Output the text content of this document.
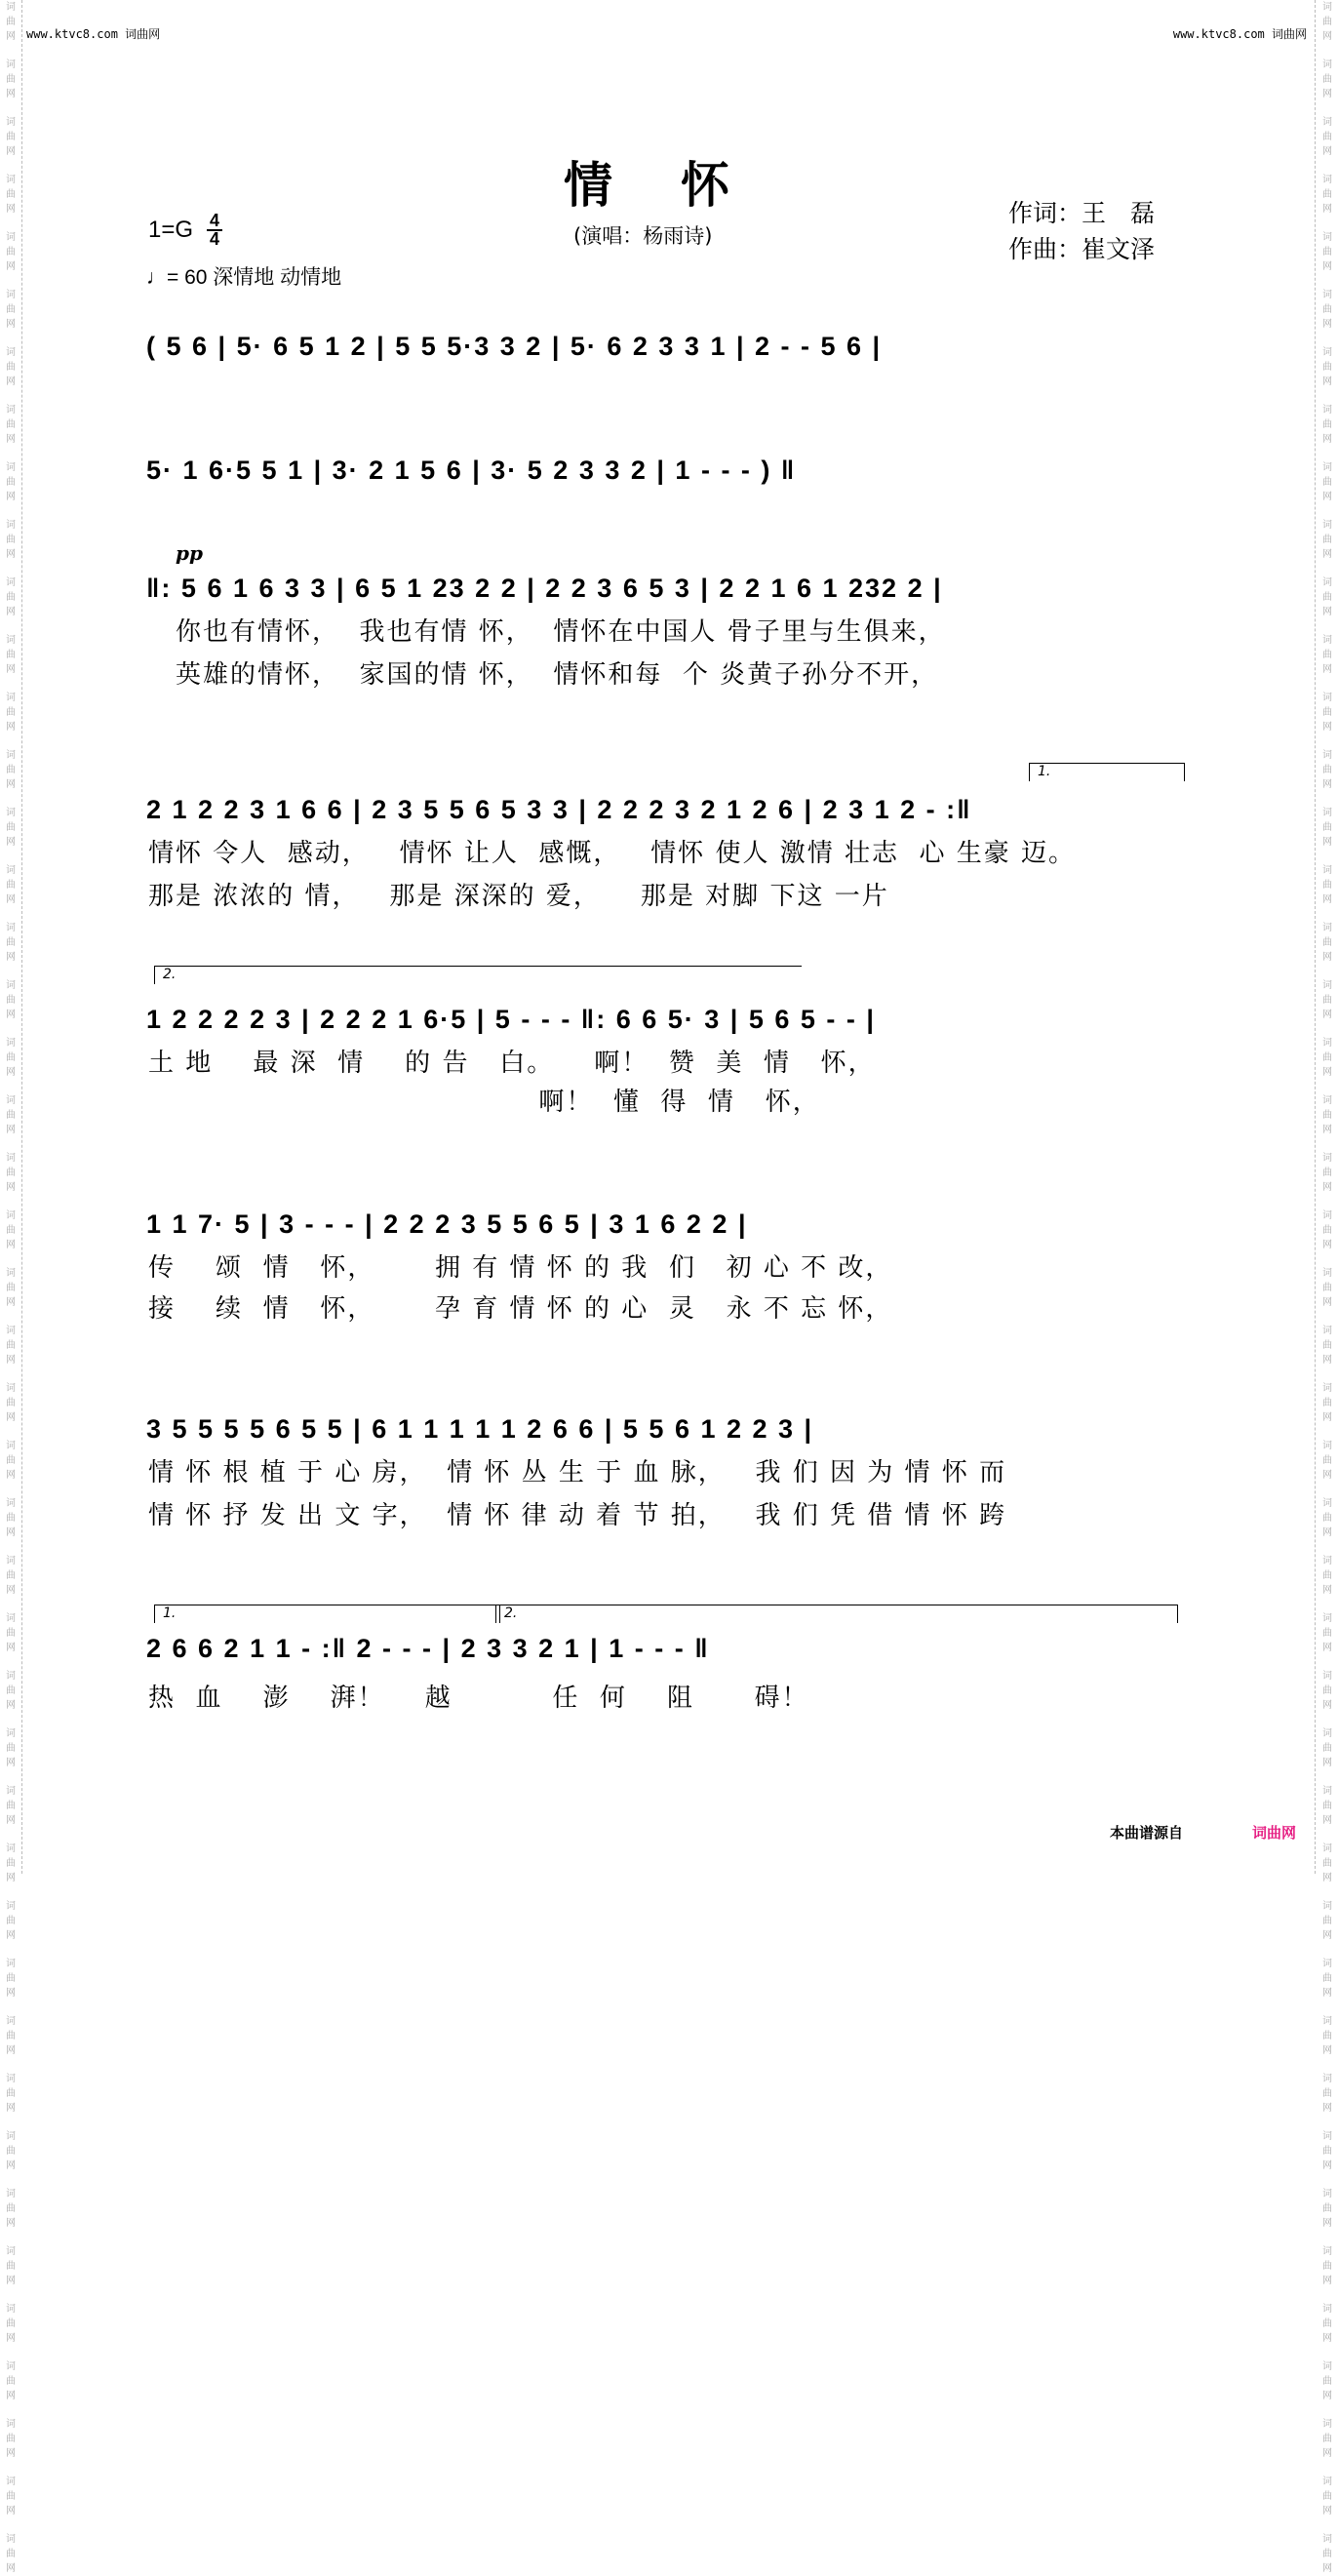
词
曲
网
词
曲
网
词
曲
网
词
曲
网
词
曲
网
词
曲
网
词
曲
网
词
曲
网
词
曲
网
词
曲
网
词
曲
网
词
曲
网
词
曲
网
词
曲
网
词
曲
网
词
曲
网
词
曲
网
词
曲
网
词
曲
网
词
曲
网
词
曲
网
词
曲
网
词
曲
网
词
曲
网
词
曲
网
词
曲
网
词
曲
网
词
曲
网
词
曲
网
词
曲
网
词
曲
网
词
曲
网
词
曲
网
词
曲
网
词
曲
网
词
曲
网
词
曲
网
词
曲
网
词
曲
网
词
曲
网
词
曲
网
词
曲
网
词
曲
网
词
曲
网
词
曲
网
词
曲
网
词
曲
网
词
曲
网
词
曲
网
词
曲
网
词
曲
网
词
曲
网
词
曲
网
词
曲
网
词
曲
网
词
曲
网
词
曲
网
词
曲
网
词
曲
网
词
曲
网
词
曲
网
词
曲
网
词
曲
网
词
曲
网
词
曲
网
词
曲
网
词
曲
网
词
曲
网
词
曲
网
词
曲
网
词
曲
网
词
曲
网
词
曲
网
词
曲
网
词
曲
网
词
曲
网
词
曲
网
词
曲
网
词
曲
网
词
曲
网
词
曲
网
词
曲
网
词
曲
网
词
曲
网
词
曲
网
词
曲
网
词
曲
网
词
曲
网
词
曲
网
词
曲
网
www.ktvc8.com 词曲网	www.ktvc8.com 词曲网
情怀
(演唱：杨雨诗)
作词：王　磊
作曲：崔文泽
1=G 4
4
♩= 60 深情地 动情地
( 5 6 | 5· 6 5 1 2 | 5 5 5·3 3 2 | 5· 6 2 3 3 1 | 2 - - 5 6 |
5· 1 6·5 5 1 | 3· 2 1 5 6 | 3· 5 2 3 3 2 | 1 - - - ) ‖
pp
‖: 5 6 1 6 3 3 | 6 5 1 23 2 2 | 2 2 3 6 5 3 | 2 2 1 6 1 232 2 |
你也有情怀，  我也有情 怀，  情怀在中国人 骨子里与生俱来，
英雄的情怀，  家国的情 怀，  情怀和每  个 炎黄子孙分不开，
1.
2 1 2 2 3 1 6 6 | 2 3 5 5 6 5 3 3 | 2 2 2 3 2 1 2 6 | 2 3 1 2 - :‖
情怀 令人  感动，   情怀 让人  感慨，   情怀 使人 激情 壮志  心 生豪 迈。
那是 浓浓的 情，   那是 深深的 爱，    那是 对脚 下这 一片
2.
1 2 2 2 2 3 | 2 2 2 1 6·5 | 5 - - - ‖: 6 6 5· 3 | 5 6 5 - - |
土 地    最 深  情    的 告   白。    啊！  赞  美  情   怀，
啊！  懂  得  情   怀，
1 1 7· 5 | 3 - - - | 2 2 2 3 5 5 6 5 | 3 1 6 2 2 |
传    颂  情   怀，      拥 有 情 怀 的 我  们   初 心 不 改，
接    续  情   怀，      孕 育 情 怀 的 心  灵   永 不 忘 怀，
3 5 5 5 5 6 5 5 | 6 1 1 1 1 1 2 6 6 | 5 5 6 1 2 2 3 |
情 怀 根 植 于 心 房，  情 怀 丛 生 于 血 脉，   我 们 因 为 情 怀 而
情 怀 抒 发 出 文 字，  情 怀 律 动 着 节 拍，   我 们 凭 借 情 怀 跨
1.	2.
2 6 6 2 1 1 - :‖ 2 - - - | 2 3 3 2 1 | 1 - - - ‖
热  血    澎    湃！    越          任  何    阻      碍！
本曲谱源自	词曲网
